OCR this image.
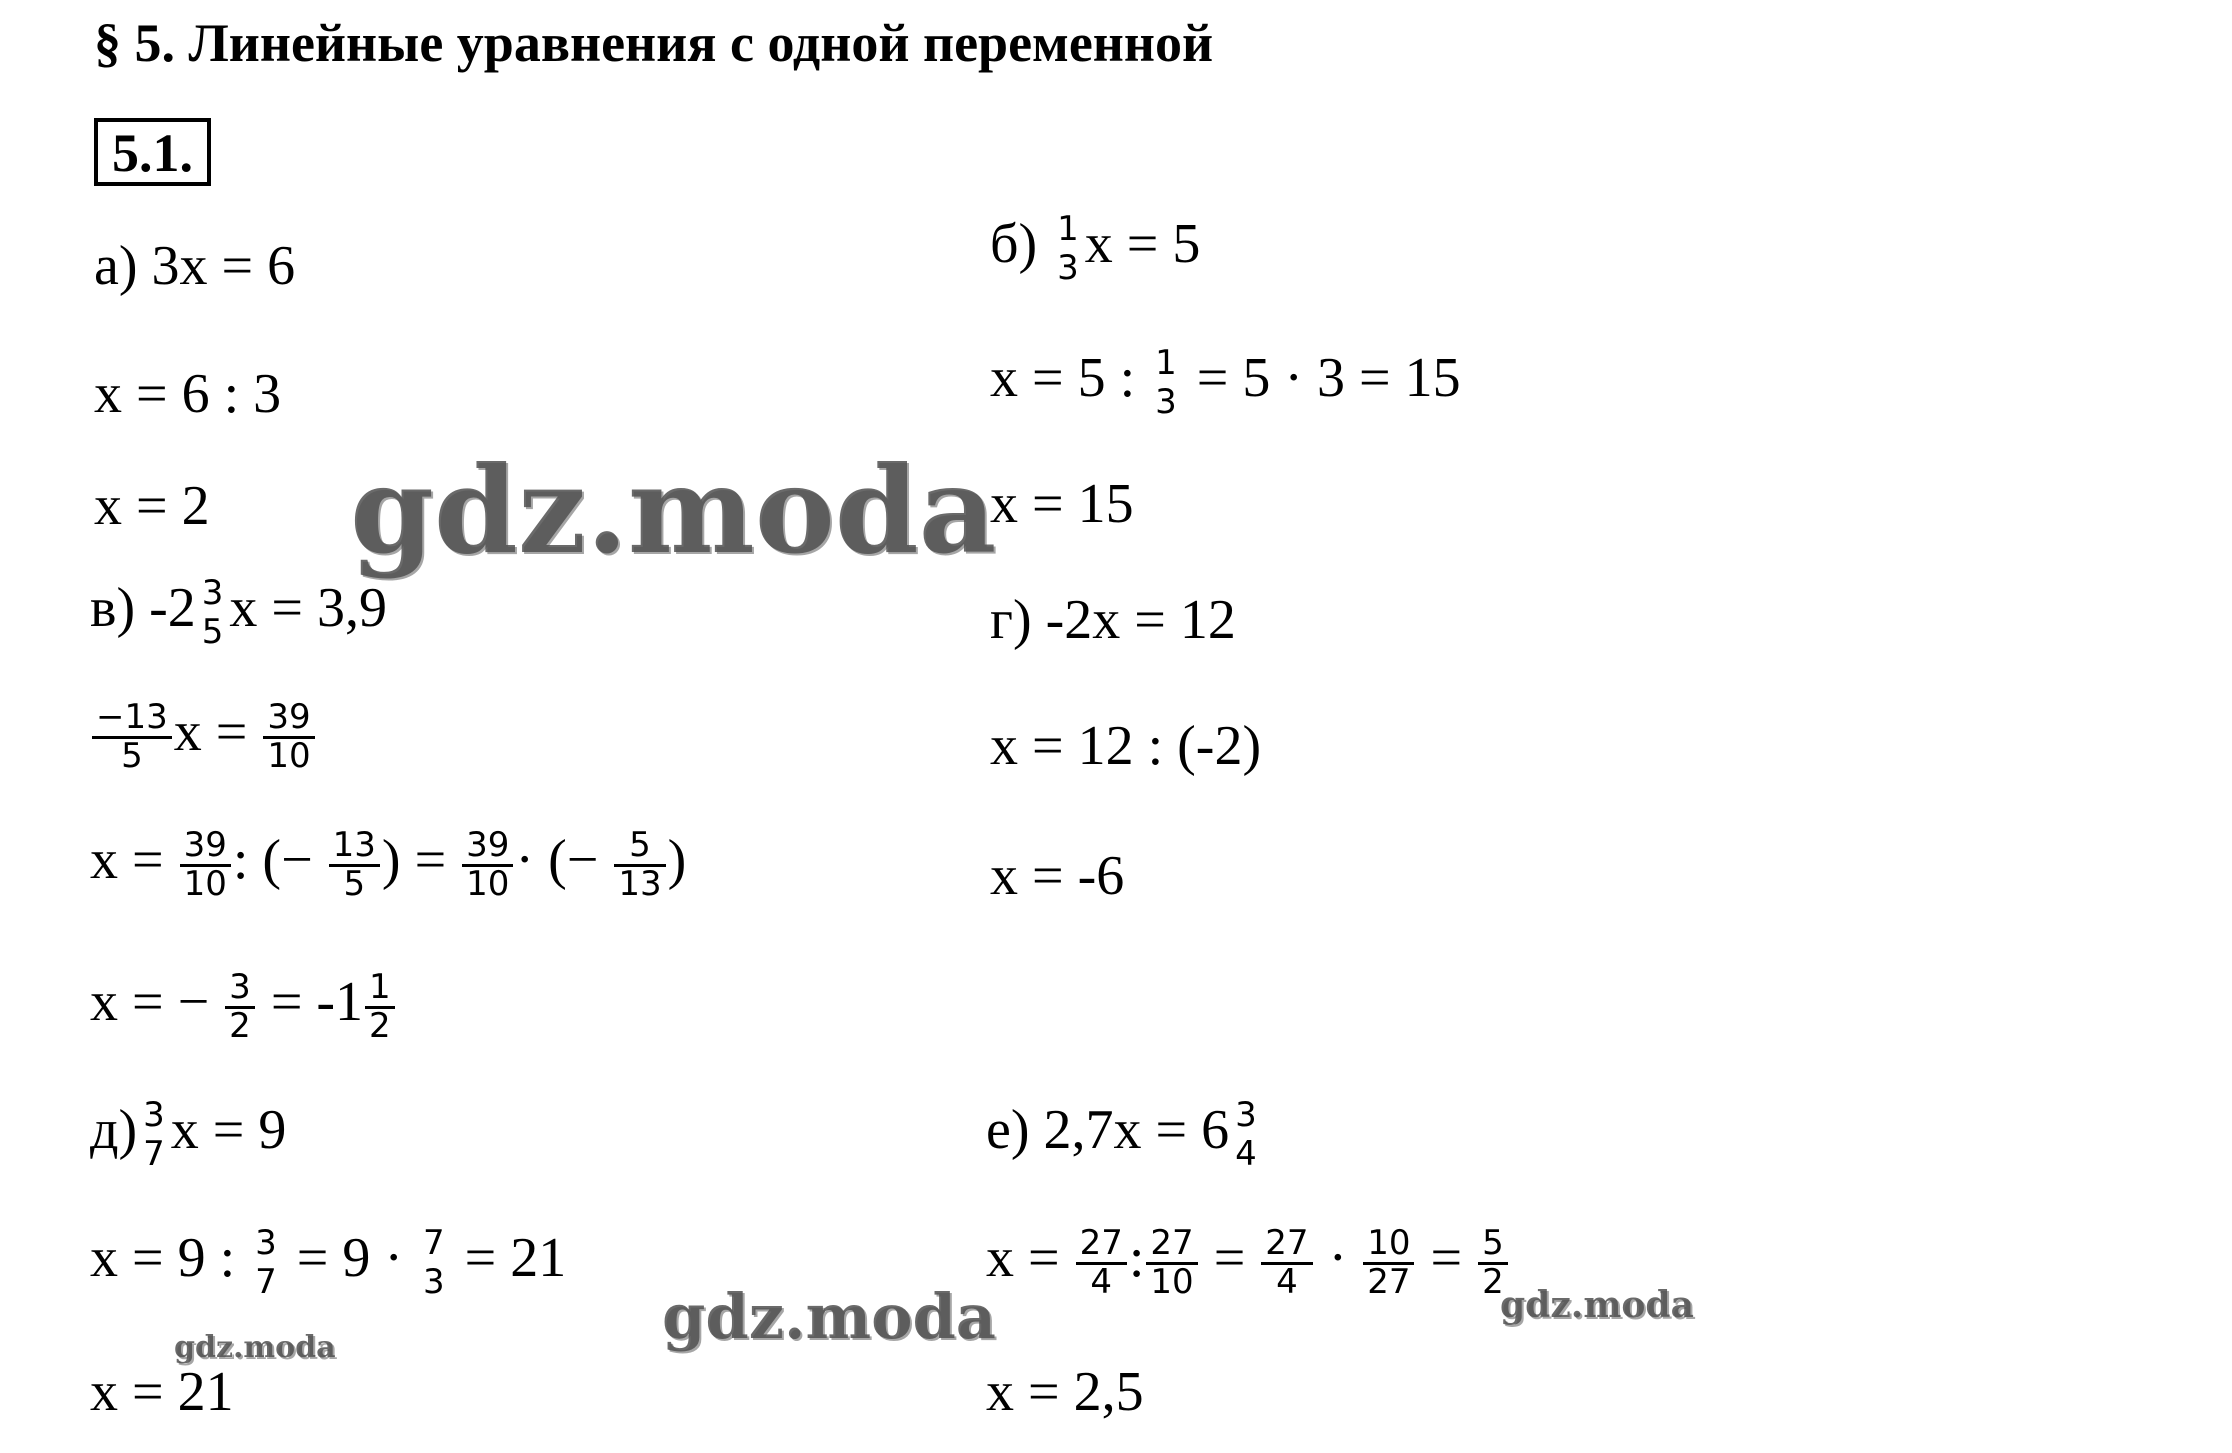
§ 5. Линейные уравнения с одной переменной
5.1.
а) 3x = 6
x = 6 : 3
x = 2
б) 1
3 x = 5
x = 5 : 1
3 = 5 · 3 = 15
x = 15
в) -2 3
5 x = 3,9
$\frac{-13}{5}$ $x = \frac{39}{10}$
$x = \frac{39}{10}$ : (− $\frac{13}{5}$ ) = $\frac{39}{10}$ · (− $\frac{5}{13}$ )
x = − $\frac{3}{2} = -1 \frac{1}{2}$
г) -2x = 12
x = 12 : (-2)
x = -6
д) 3
7 x = 9
x = 9 : 3
7 = 9 · 7
3 = 21
x = 21
е) 2,7x = 6 3
4
$x = \frac{27}{4}$ : $\frac{27}{10} = \frac{27}{4} \cdot \frac{10}{27} = \frac{5}{2}$
x = 2,5
gdz.moda
gdz.moda
gdz.moda
gdz.moda
